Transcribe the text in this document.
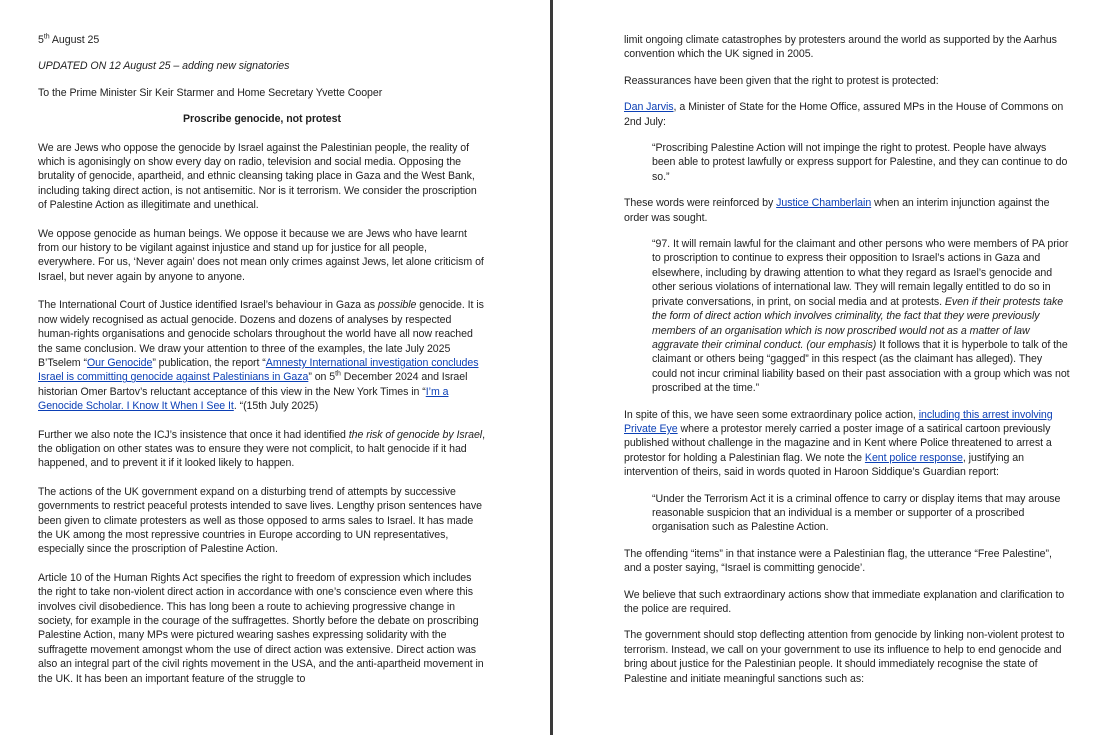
5th August 25

UPDATED ON 12 August 25 – adding new signatories

To the Prime Minister Sir Keir Starmer and Home Secretary Yvette Cooper

Proscribe genocide, not protest

We are Jews who oppose the genocide by Israel against the Palestinian people, the reality of which is agonisingly on show every day on radio, television and social media. Opposing the brutality of genocide, apartheid, and ethnic cleansing taking place in Gaza and the West Bank, including taking direct action, is not antisemitic. Nor is it terrorism. We consider the proscription of Palestine Action as illegitimate and unethical.

We oppose genocide as human beings. We oppose it because we are Jews who have learnt from our history to be vigilant against injustice and stand up for justice for all people, everywhere. For us, ‘Never again’ does not mean only crimes against Jews, let alone criticism of Israel, but never again by anyone to anyone.

The International Court of Justice identified Israel’s behaviour in Gaza as possible genocide. It is now widely recognised as actual genocide. Dozens and dozens of analyses by respected human-rights organisations and genocide scholars throughout the world have all now reached the same conclusion. We draw your attention to three of the examples, the late July 2025 B’Tselem “Our Genocide” publication, the report “Amnesty International investigation concludes Israel is committing genocide against Palestinians in Gaza” on 5th December 2024 and Israel historian Omer Bartov’s reluctant acceptance of this view in the New York Times in “I’m a Genocide Scholar. I Know It When I See It. “(15th July 2025)

Further we also note the ICJ’s insistence that once it had identified the risk of genocide by Israel, the obligation on other states was to ensure they were not complicit, to halt genocide if it had happened, and to prevent it if it looked likely to happen.

The actions of the UK government expand on a disturbing trend of attempts by successive governments to restrict peaceful protests intended to save lives. Lengthy prison sentences have been given to climate protesters as well as those opposed to arms sales to Israel. It has made the UK among the most repressive countries in Europe according to UN representatives, especially since the proscription of Palestine Action.

Article 10 of the Human Rights Act specifies the right to freedom of expression which includes the right to take non-violent direct action in accordance with one’s conscience even where this involves civil disobedience. This has long been a route to achieving progressive change in society, for example in the courage of the suffragettes. Shortly before the debate on proscribing Palestine Action, many MPs were pictured wearing sashes expressing solidarity with the suffragette movement amongst whom the use of direct action was extensive. Direct action was also an integral part of the civil rights movement in the USA, and the anti-apartheid movement in the UK. It has been an important feature of the struggle to

limit ongoing climate catastrophes by protesters around the world as supported by the Aarhus convention which the UK signed in 2005.

Reassurances have been given that the right to protest is protected:

Dan Jarvis, a Minister of State for the Home Office, assured MPs in the House of Commons on 2nd July:

“Proscribing Palestine Action will not impinge the right to protest. People have always been able to protest lawfully or express support for Palestine, and they can continue to do so.”

These words were reinforced by Justice Chamberlain when an interim injunction against the order was sought.

“97. It will remain lawful for the claimant and other persons who were members of PA prior to proscription to continue to express their opposition to Israel’s actions in Gaza and elsewhere, including by drawing attention to what they regard as Israel’s genocide and other serious violations of international law. They will remain legally entitled to do so in private conversations, in print, on social media and at protests. Even if their protests take the form of direct action which involves criminality, the fact that they were previously members of an organisation which is now proscribed would not as a matter of law aggravate their criminal conduct. (our emphasis) It follows that it is hyperbole to talk of the claimant or others being “gagged” in this respect (as the claimant has alleged). They could not incur criminal liability based on their past association with a group which was not proscribed at the time.”

In spite of this, we have seen some extraordinary police action, including this arrest involving Private Eye where a protestor merely carried a poster image of a satirical cartoon previously published without challenge in the magazine and in Kent where Police threatened to arrest a protestor for holding a Palestinian flag. We note the Kent police response, justifying an intervention of theirs, said in words quoted in Haroon Siddique’s Guardian report:

“Under the Terrorism Act it is a criminal offence to carry or display items that may arouse reasonable suspicion that an individual is a member or supporter of a proscribed organisation such as Palestine Action.

The offending “items” in that instance were a Palestinian flag, the utterance “Free Palestine”, and a poster saying, “Israel is committing genocide’.

We believe that such extraordinary actions show that immediate explanation and clarification to the police are required.

The government should stop deflecting attention from genocide by linking non-violent protest to terrorism. Instead, we call on your government to use its influence to help to end genocide and bring about justice for the Palestinian people. It should immediately recognise the state of Palestine and initiate meaningful sanctions such as:
